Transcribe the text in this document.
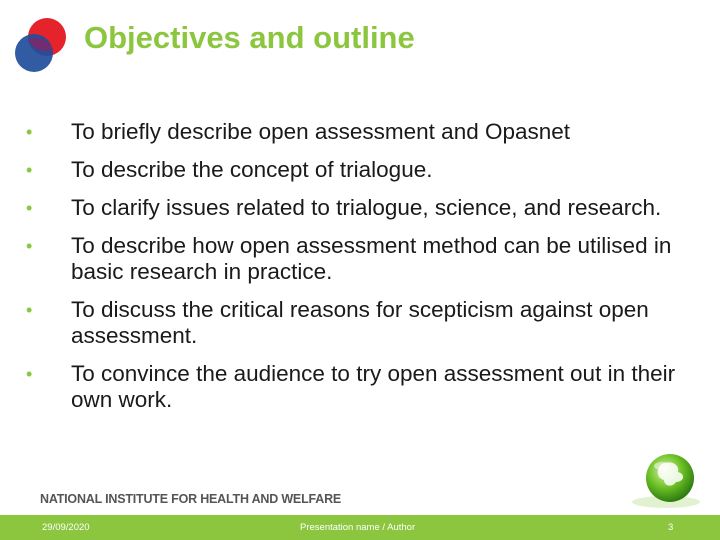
Objectives and outline
• To briefly describe open assessment and Opasnet
• To describe the concept of trialogue.
• To clarify issues related to trialogue, science, and research.
• To describe how open assessment method can be utilised in basic research in practice.
• To discuss the critical reasons for scepticism against open assessment.
• To convince the audience to try open assessment out in their own work.
NATIONAL INSTITUTE FOR HEALTH AND WELFARE
29/09/2020	Presentation name / Author	3
